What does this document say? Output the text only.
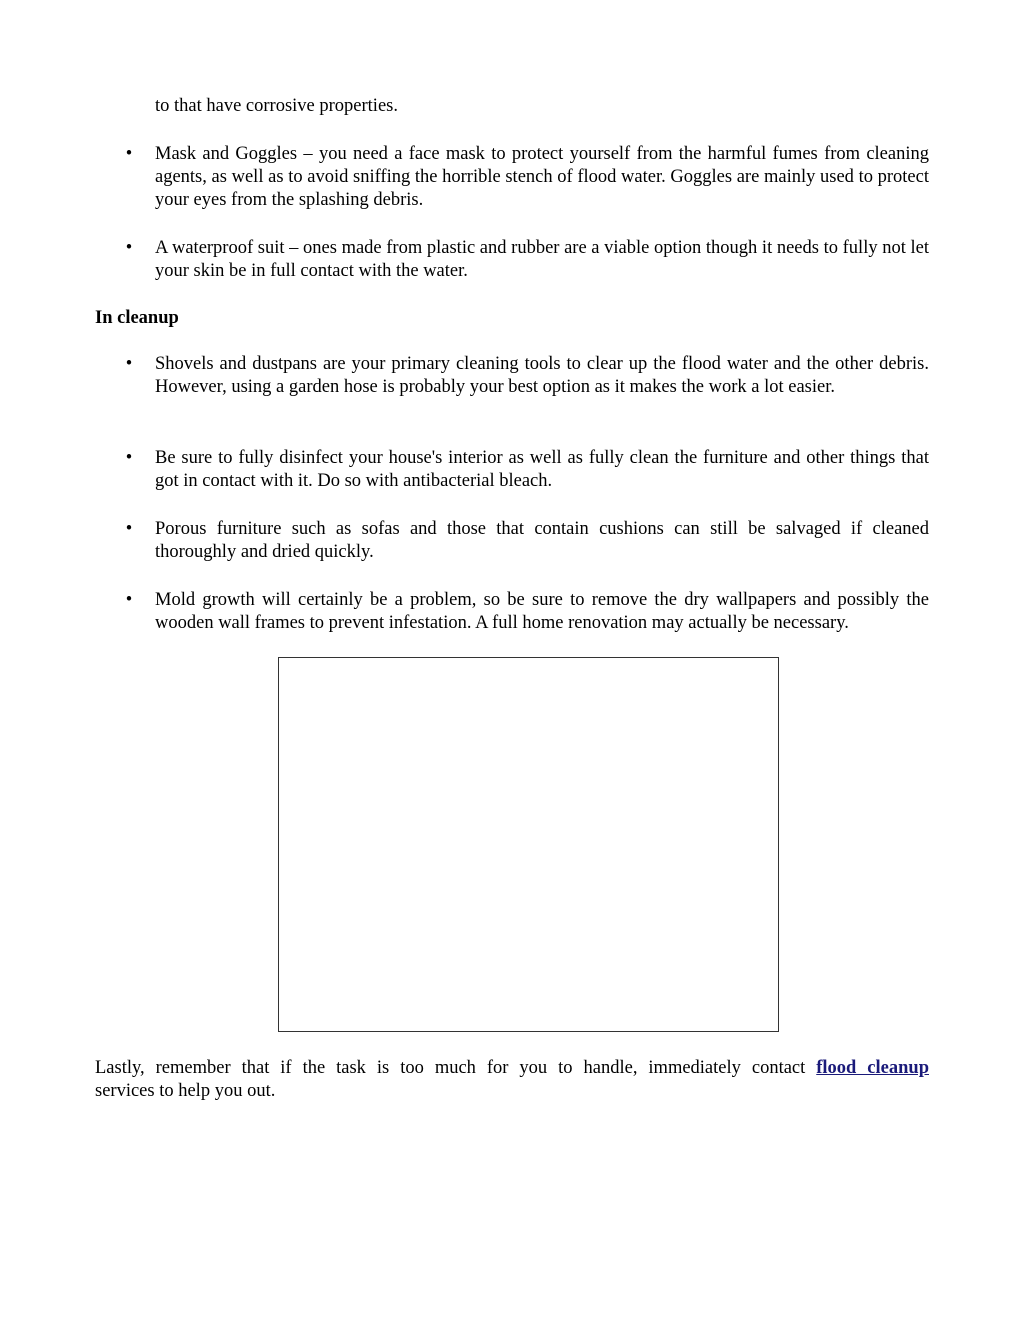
to that have corrosive properties.

• Mask and Goggles – you need a face mask to protect yourself from the harmful fumes from cleaning agents, as well as to avoid sniffing the horrible stench of flood water. Goggles are mainly used to protect your eyes from the splashing debris.
• A waterproof suit – ones made from plastic and rubber are a viable option though it needs to fully not let your skin be in full contact with the water.
In cleanup
• Shovels and dustpans are your primary cleaning tools to clear up the flood water and the other debris. However, using a garden hose is probably your best option as it makes the work a lot easier.
• Be sure to fully disinfect your house's interior as well as fully clean the furniture and other things that got in contact with it. Do so with antibacterial bleach.
• Porous furniture such as sofas and those that contain cushions can still be salvaged if cleaned thoroughly and dried quickly.
• Mold growth will certainly be a problem, so be sure to remove the dry wallpapers and possibly the wooden wall frames to prevent infestation. A full home renovation may actually be necessary.
Lastly, remember that if the task is too much for you to handle, immediately contact flood cleanup
services to help you out.
